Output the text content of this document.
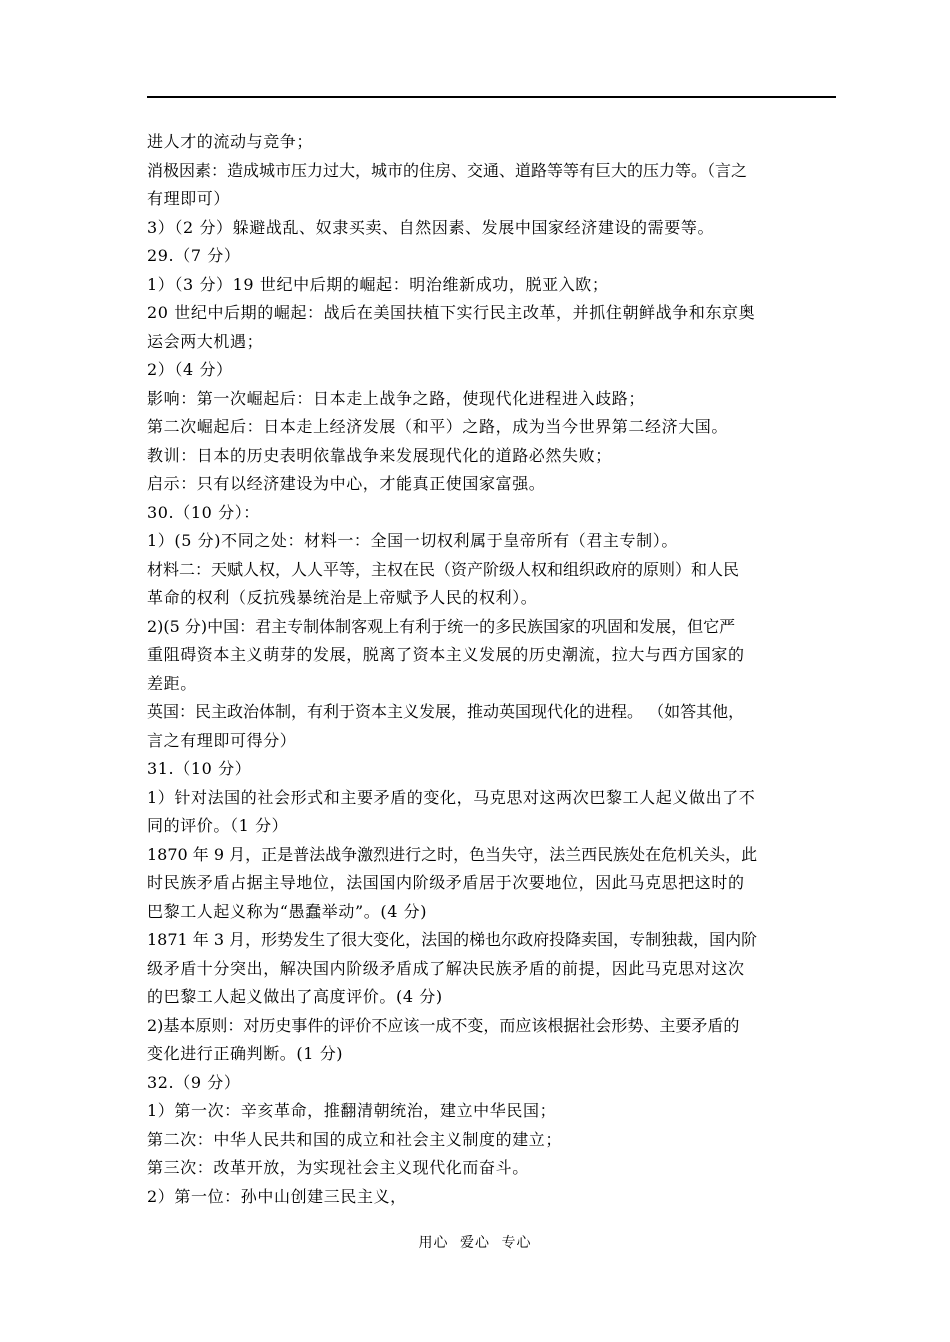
进人才的流动与竞争；
消极因素：造成城市压力过大，城市的住房、交通、道路等等有巨大的压力等。（言之
有理即可）
3）（2 分）躲避战乱、奴隶买卖、自然因素、发展中国家经济建设的需要等。
29.（7 分）
1）（3 分）19 世纪中后期的崛起：明治维新成功，脱亚入欧；
20 世纪中后期的崛起：战后在美国扶植下实行民主改革，并抓住朝鲜战争和东京奥
运会两大机遇；
2）（4 分）
影响：第一次崛起后：日本走上战争之路，使现代化进程进入歧路；
第二次崛起后：日本走上经济发展（和平）之路，成为当今世界第二经济大国。
教训：日本的历史表明依靠战争来发展现代化的道路必然失败；
启示：只有以经济建设为中心，才能真正使国家富强。
30.（10 分）：
1）(5 分)不同之处：材料一：全国一切权利属于皇帝所有（君主专制）。
材料二：天赋人权，人人平等，主权在民（资产阶级人权和组织政府的原则）和人民
革命的权利（反抗残暴统治是上帝赋予人民的权利）。
2)(5 分)中国：君主专制体制客观上有利于统一的多民族国家的巩固和发展，但它严
重阻碍资本主义萌芽的发展，脱离了资本主义发展的历史潮流，拉大与西方国家的
差距。
英国：民主政治体制，有利于资本主义发展，推动英国现代化的进程。 （如答其他，
言之有理即可得分）
31.（10 分）
1）针对法国的社会形式和主要矛盾的变化，马克思对这两次巴黎工人起义做出了不
同的评价。（1 分）
1870 年 9 月，正是普法战争激烈进行之时，色当失守，法兰西民族处在危机关头，此
时民族矛盾占据主导地位，法国国内阶级矛盾居于次要地位，因此马克思把这时的
巴黎工人起义称为“愚蠢举动”。(4 分)
1871 年 3 月，形势发生了很大变化，法国的梯也尔政府投降卖国，专制独裁，国内阶
级矛盾十分突出，解决国内阶级矛盾成了解决民族矛盾的前提，因此马克思对这次
的巴黎工人起义做出了高度评价。(4 分)
2)基本原则：对历史事件的评价不应该一成不变，而应该根据社会形势、主要矛盾的
变化进行正确判断。(1 分)
32.（9 分）
1）第一次：辛亥革命，推翻清朝统治，建立中华民国；
第二次：中华人民共和国的成立和社会主义制度的建立；
第三次：改革开放，为实现社会主义现代化而奋斗。
2）第一位：孙中山创建三民主义，
用心 爱心 专心
